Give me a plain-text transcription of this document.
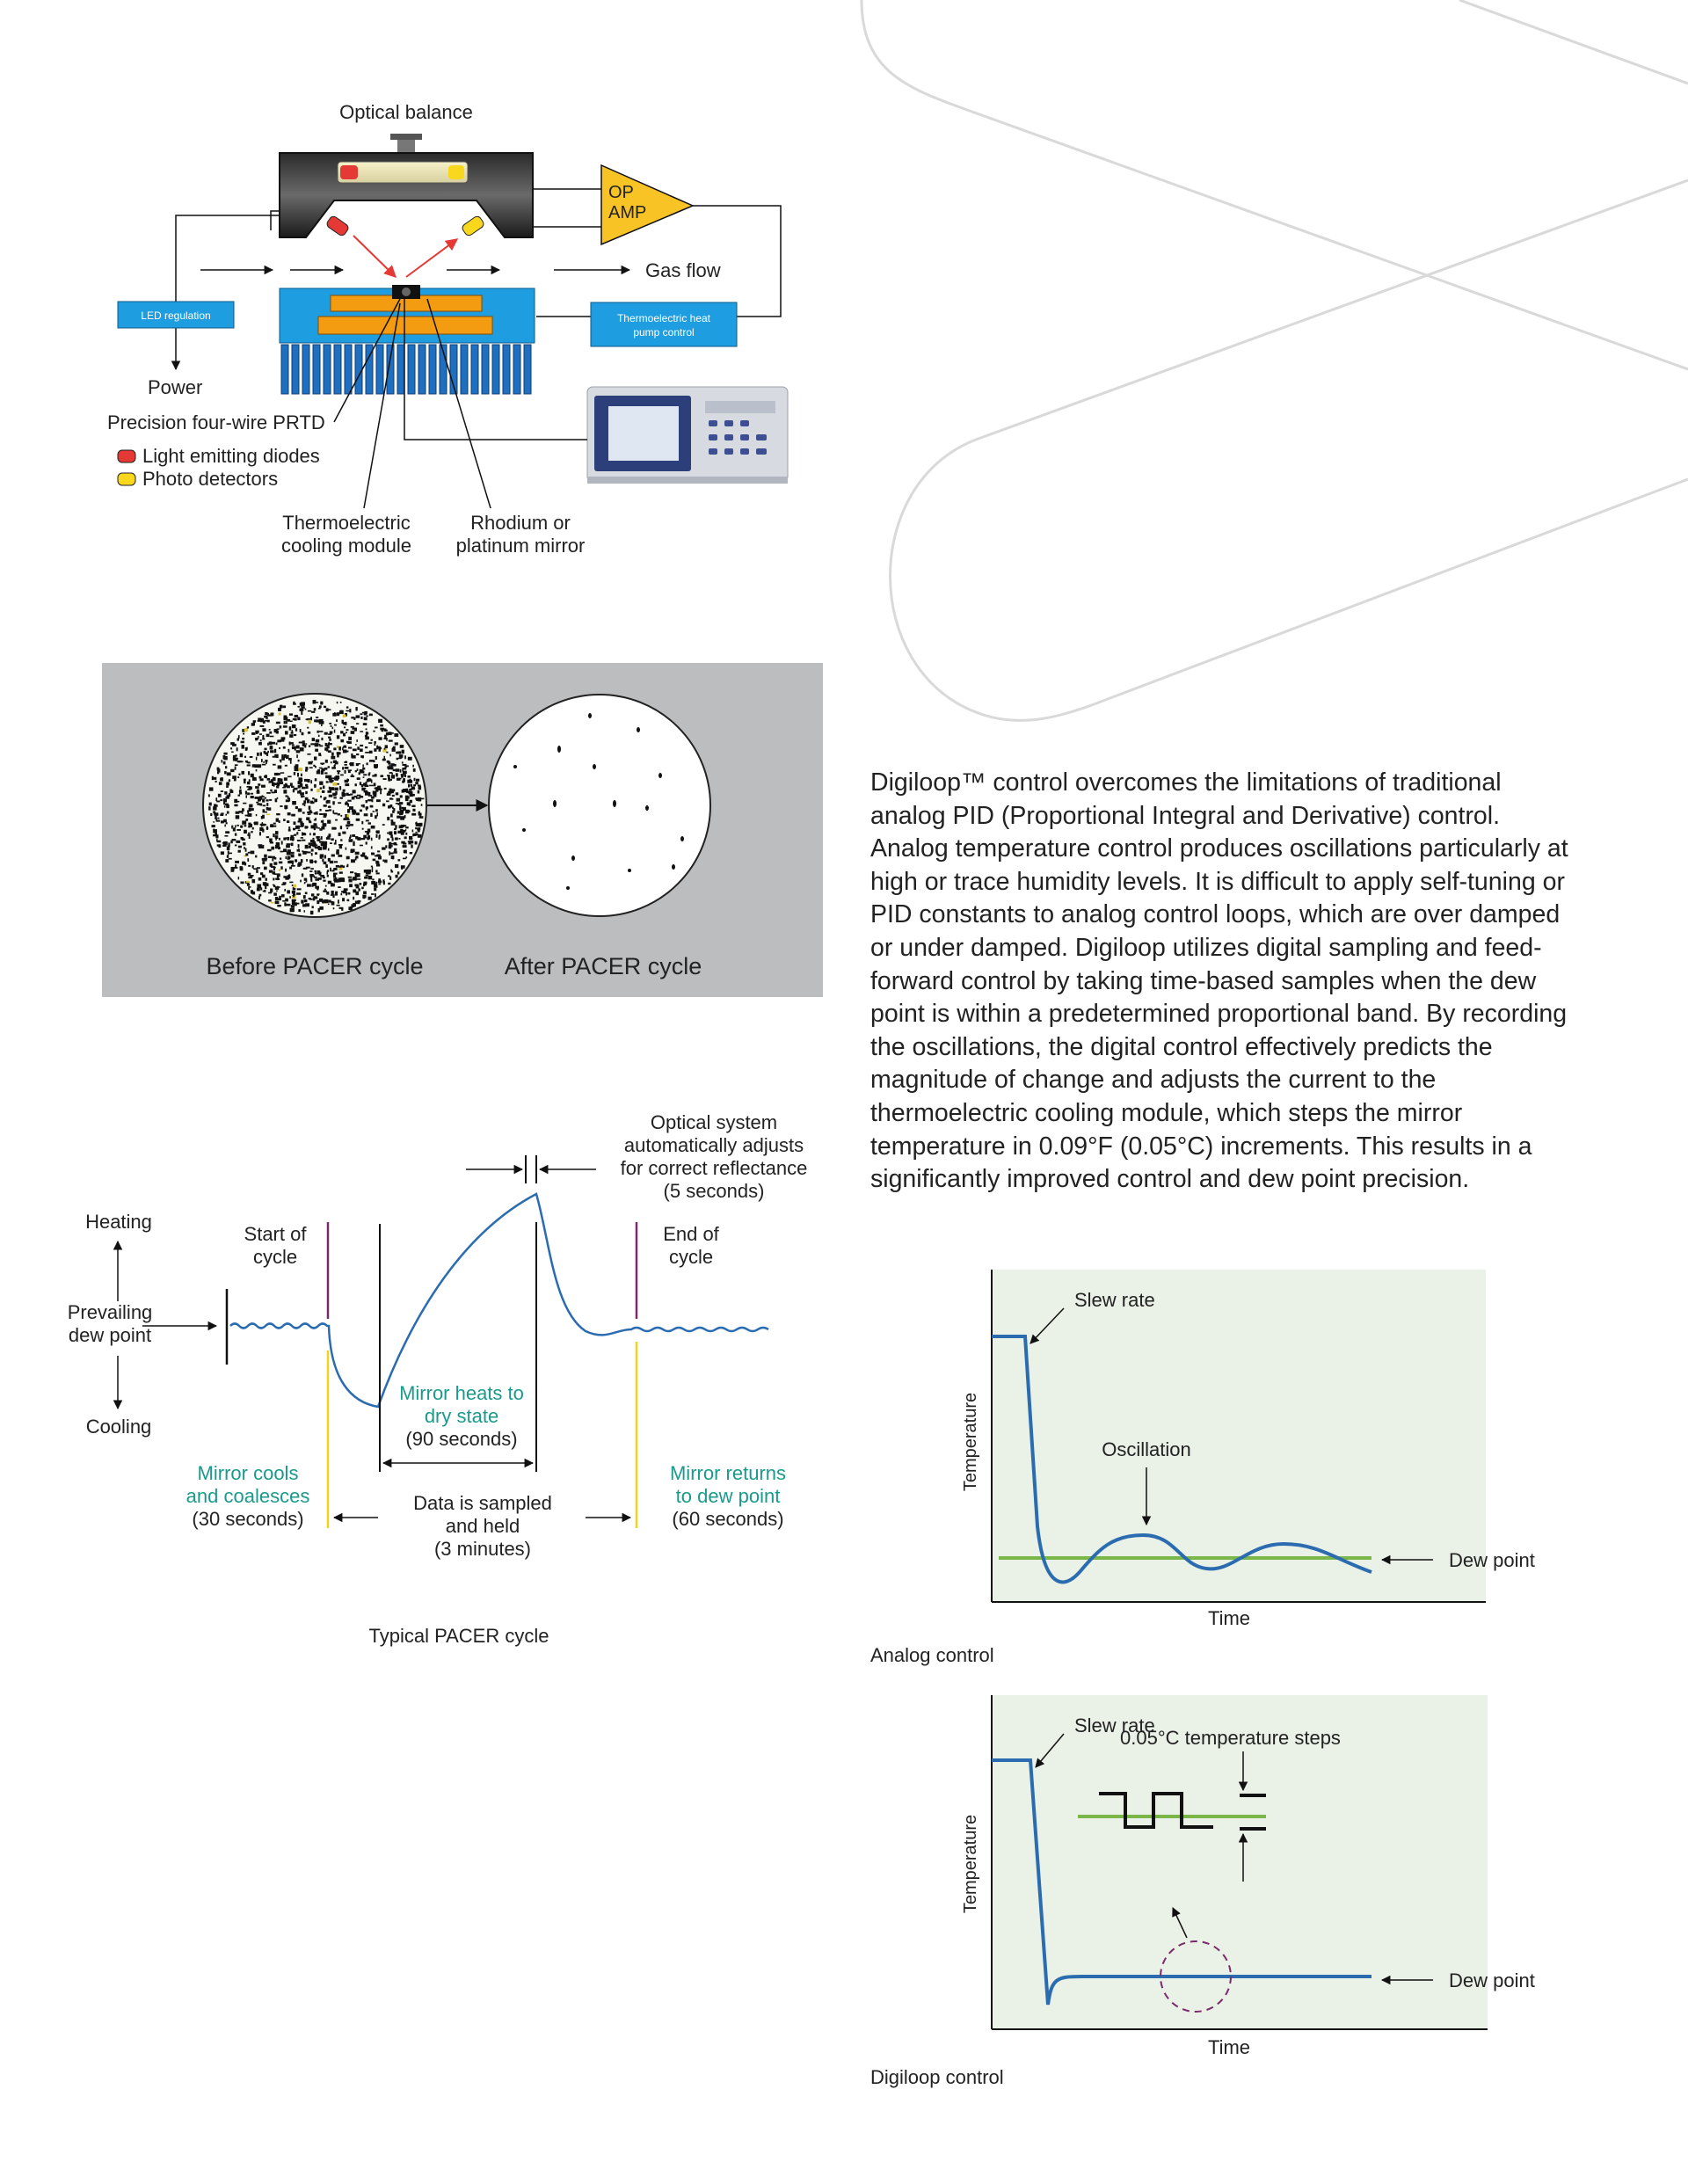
Optical balance
OP
AMP
Gas flow
LED regulation	Thermoelectric heat
pump control
Power
Precision four-wire PRTD
Light emitting diodes
Photo detectors
Thermoelectric
cooling module
Rhodium or
platinum mirror
Before PACER cycle	After PACER cycle
Optical system
automatically adjusts
for correct reflectance
(5 seconds)
Heating
Prevailing
dew point
Cooling
Start of
cycle
End of
cycle
Mirror heats to
dry state
(90 seconds)
Mirror cools
and coalesces
(30 seconds)
Data is sampled
and held
(3 minutes)
Mirror returns
to dew point
(60 seconds)
Typical PACER cycle

Digiloop™ control overcomes the limitations of traditional analog PID (Proportional Integral and Derivative) control. Analog temperature control produces oscillations particularly at high or trace humidity levels. It is difficult to apply self-tuning or PID constants to analog control loops, which are over damped or under damped. Digiloop utilizes digital sampling and feed-forward control by taking time-based samples when the dew point is within a predetermined proportional band. By recording the oscillations, the digital control effectively predicts the magnitude of change and adjusts the current to the thermoelectric cooling module, which steps the mirror temperature in 0.09°F (0.05°C) increments. This results in a significantly improved control and dew point precision.

Slew rate
Oscillation
Dew point
Temperature
Time
Analog control
Slew rate
0.05°C temperature steps
Dew point
Temperature
Time
Digiloop control
